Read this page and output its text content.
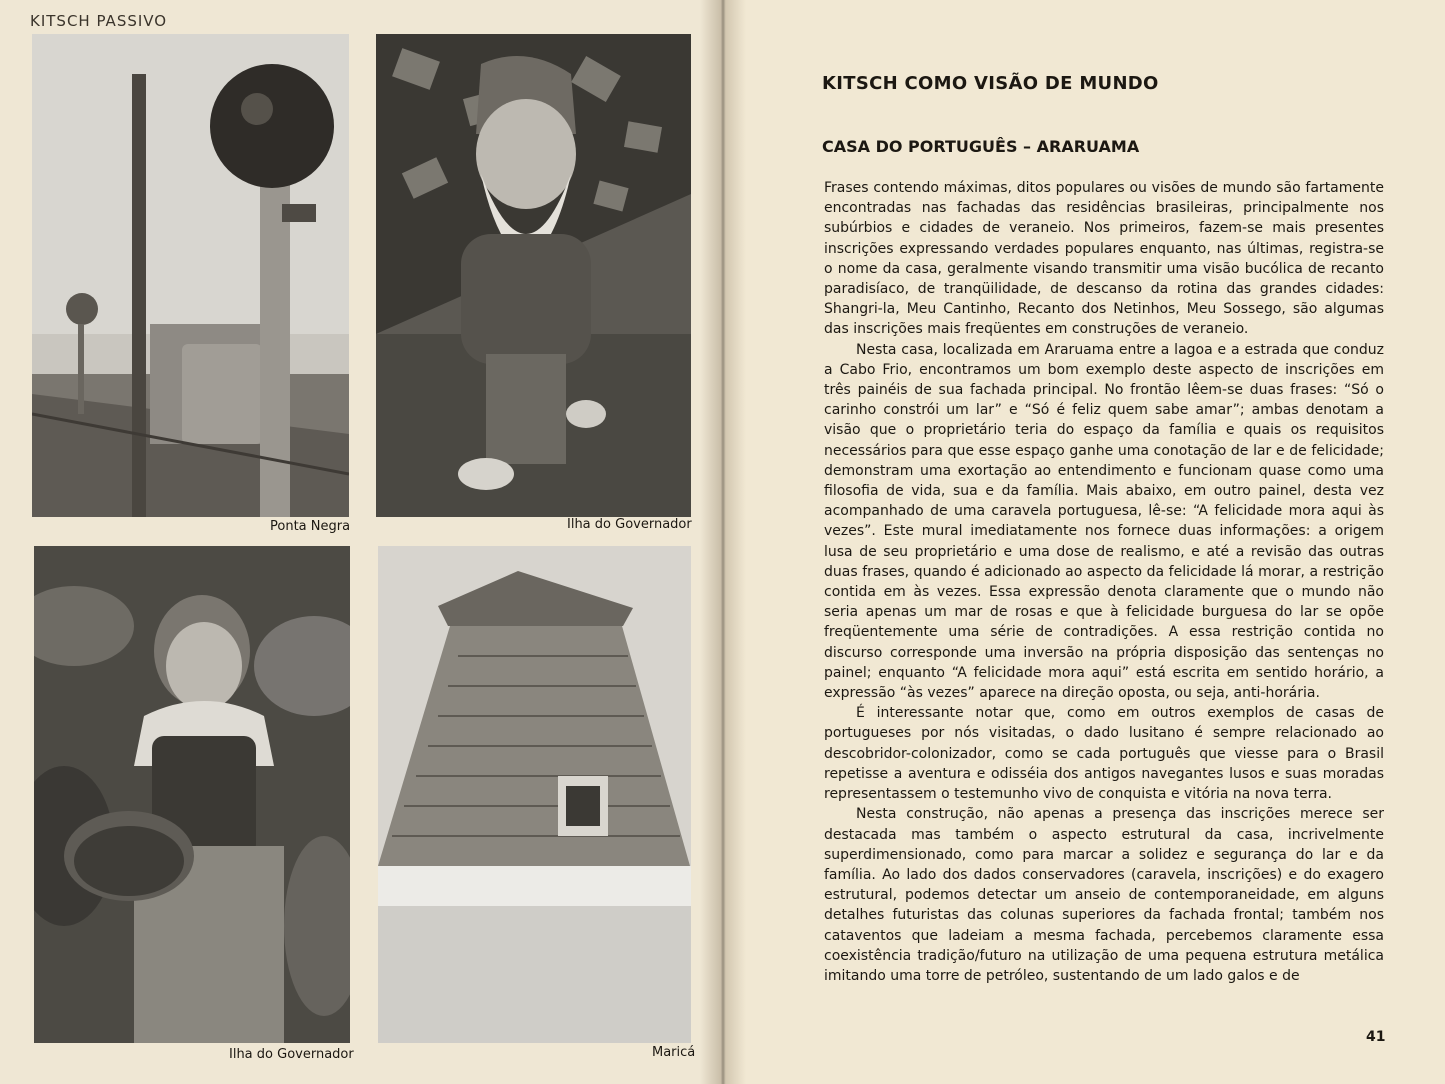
KITSCH PASSIVO
Ponta Negra	Ilha do Governador
Ilha do Governador	Maricá
KITSCH COMO VISÃO DE MUNDO
CASA DO PORTUGUÊS – ARARUAMA

Frases contendo máximas, ditos populares ou visões de mundo são fartamente encontradas nas fachadas das residências brasileiras, principalmente nos subúrbios e cidades de veraneio. Nos primeiros, fazem-se mais presentes inscrições expressando verdades populares enquanto, nas últimas, registra-se o nome da casa, geralmente visando transmitir uma visão bucólica de recanto paradisíaco, de tranqüilidade, de descanso da rotina das grandes cidades: Shangri-la, Meu Cantinho, Recanto dos Netinhos, Meu Sossego, são algumas das inscrições mais freqüentes em construções de veraneio.

Nesta casa, localizada em Araruama entre a lagoa e a estrada que conduz a Cabo Frio, encontramos um bom exemplo deste aspecto de inscrições em três painéis de sua fachada principal. No frontão lêem-se duas frases: “Só o carinho constrói um lar” e “Só é feliz quem sabe amar”; ambas denotam a visão que o proprietário teria do espaço da família e quais os requisitos necessários para que esse espaço ganhe uma conotação de lar e de felicidade; demonstram uma exortação ao entendimento e funcionam quase como uma filosofia de vida, sua e da família. Mais abaixo, em outro painel, desta vez acompanhado de uma caravela portuguesa, lê-se: “A felicidade mora aqui às vezes”. Este mural imediatamente nos fornece duas informações: a origem lusa de seu proprietário e uma dose de realismo, e até a revisão das outras duas frases, quando é adicionado ao aspecto da felicidade lá morar, a restrição contida em às vezes. Essa expressão denota claramente que o mundo não seria apenas um mar de rosas e que à felicidade burguesa do lar se opõe freqüentemente uma série de contradições. A essa restrição contida no discurso corresponde uma inversão na própria disposição das sentenças no painel; enquanto “A felicidade mora aqui” está escrita em sentido horário, a expressão “às vezes” aparece na direção oposta, ou seja, anti-horária.

É interessante notar que, como em outros exemplos de casas de portugueses por nós visitadas, o dado lusitano é sempre relacionado ao descobridor-colonizador, como se cada português que viesse para o Brasil repetisse a aventura e odisséia dos antigos navegantes lusos e suas moradas representassem o testemunho vivo de conquista e vitória na nova terra.

Nesta construção, não apenas a presença das inscrições merece ser destacada mas também o aspecto estrutural da casa, incrivelmente superdimensionado, como para marcar a solidez e segurança do lar e da família. Ao lado dos dados conservadores (caravela, inscrições) e do exagero estrutural, podemos detectar um anseio de contemporaneidade, em alguns detalhes futuristas das colunas superiores da fachada frontal; também nos cataventos que ladeiam a mesma fachada, percebemos claramente essa coexistência tradição/futuro na utilização de uma pequena estrutura metálica imitando uma torre de petróleo, sustentando de um lado galos e de

41
